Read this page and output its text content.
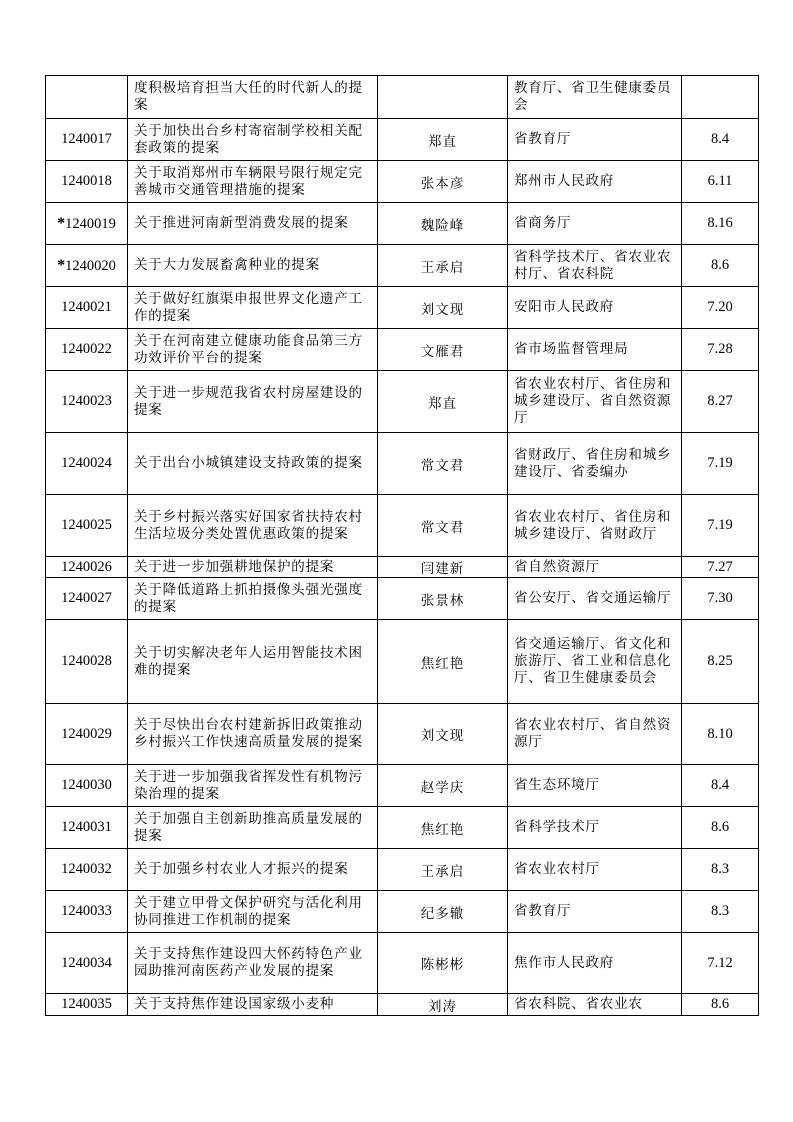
	度积极培育担当大任的时代新人的提案		教育厅、省卫生健康委员会	
1240017	关于加快出台乡村寄宿制学校相关配套政策的提案	郑直	省教育厅	8.4
1240018	关于取消郑州市车辆限号限行规定完善城市交通管理措施的提案	张本彦	郑州市人民政府	6.11
*1240019	关于推进河南新型消费发展的提案	魏险峰	省商务厅	8.16
*1240020	关于大力发展畜禽种业的提案	王承启	省科学技术厅、省农业农村厅、省农科院	8.6
1240021	关于做好红旗渠申报世界文化遗产工作的提案	刘文现	安阳市人民政府	7.20
1240022	关于在河南建立健康功能食品第三方功效评价平台的提案	文雁君	省市场监督管理局	7.28
1240023	关于进一步规范我省农村房屋建设的提案	郑直	省农业农村厅、省住房和城乡建设厅、省自然资源厅	8.27
1240024	关于出台小城镇建设支持政策的提案	常文君	省财政厅、省住房和城乡建设厅、省委编办	7.19
1240025	关于乡村振兴落实好国家省扶持农村生活垃圾分类处置优惠政策的提案	常文君	省农业农村厅、省住房和城乡建设厅、省财政厅	7.19
1240026	关于进一步加强耕地保护的提案	闫建新	省自然资源厅	7.27
1240027	关于降低道路上抓拍摄像头强光强度的提案	张景林	省公安厅、省交通运输厅	7.30
1240028	关于切实解决老年人运用智能技术困难的提案	焦红艳	省交通运输厅、省文化和旅游厅、省工业和信息化厅、省卫生健康委员会	8.25
1240029	关于尽快出台农村建新拆旧政策推动乡村振兴工作快速高质量发展的提案	刘文现	省农业农村厅、省自然资源厅	8.10
1240030	关于进一步加强我省挥发性有机物污染治理的提案	赵学庆	省生态环境厅	8.4
1240031	关于加强自主创新助推高质量发展的提案	焦红艳	省科学技术厅	8.6
1240032	关于加强乡村农业人才振兴的提案	王承启	省农业农村厅	8.3
1240033	关于建立甲骨文保护研究与活化利用协同推进工作机制的提案	纪多辙	省教育厅	8.3
1240034	关于支持焦作建设四大怀药特色产业园助推河南医药产业发展的提案	陈彬彬	焦作市人民政府	7.12
1240035	关于支持焦作建设国家级小麦种	刘涛	省农科院、省农业农	8.6
